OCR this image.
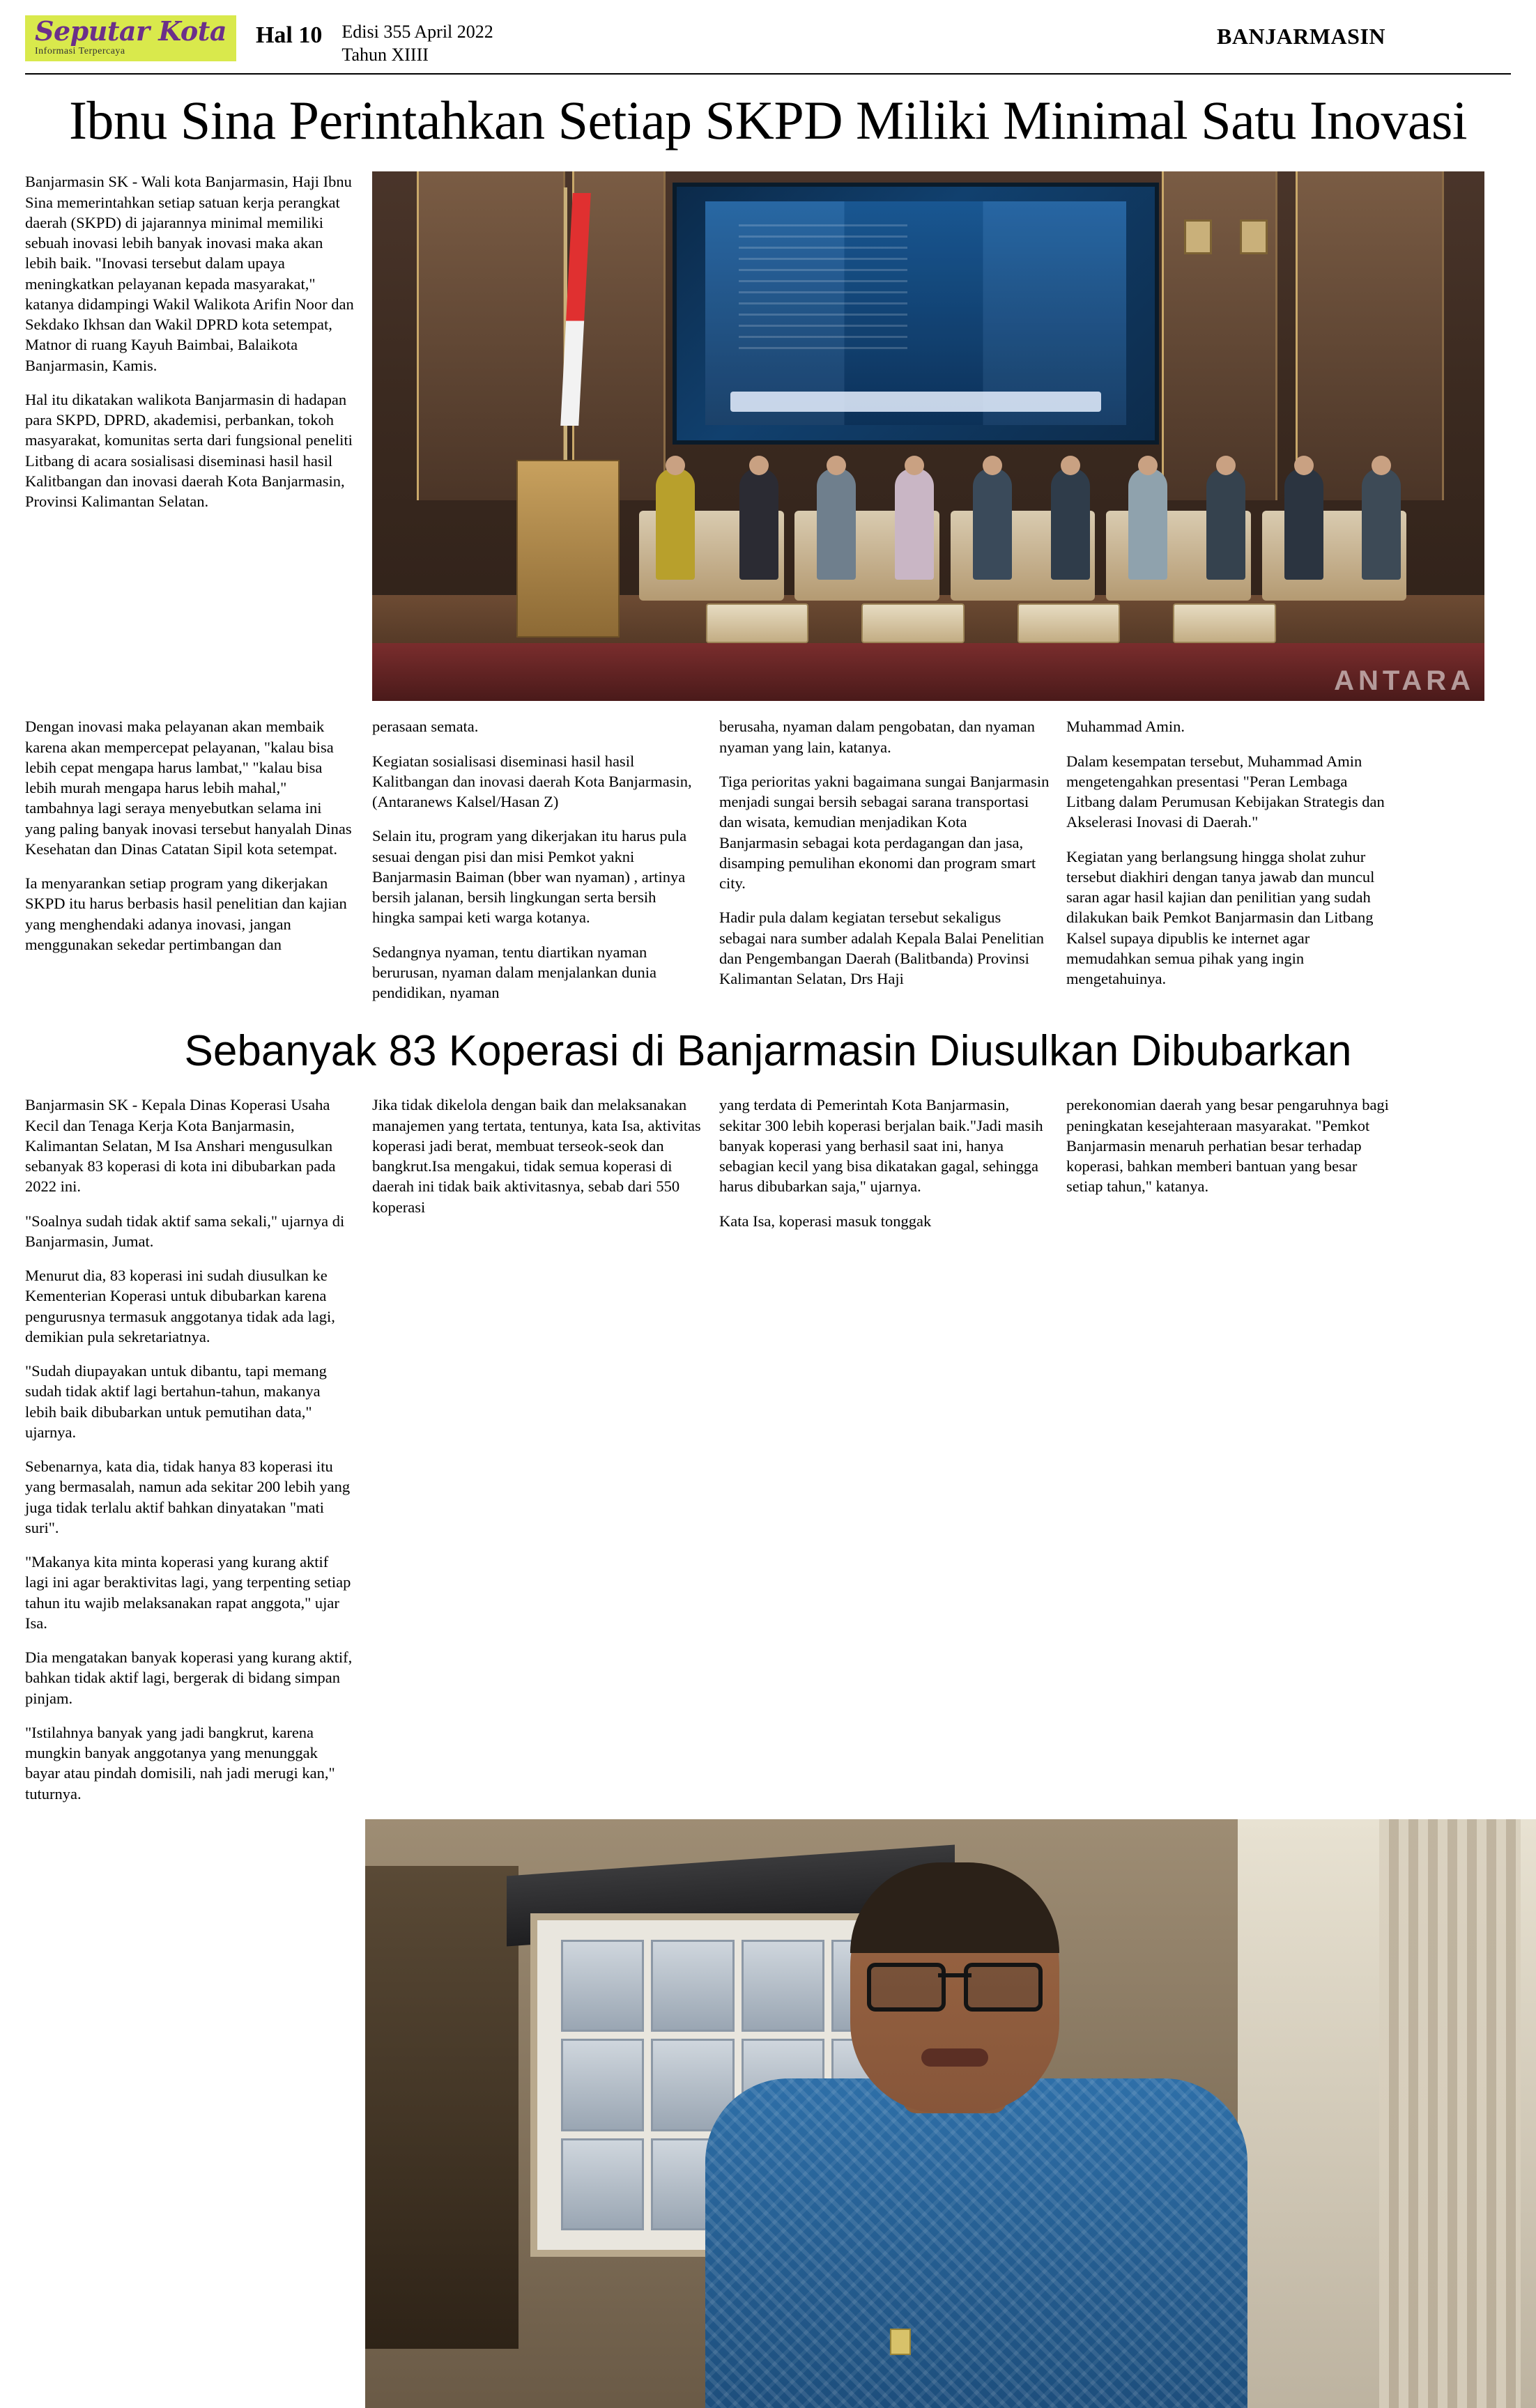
Seputar Kota
Informasi Terpercaya
Hal 10 Edisi 355 April 2022
Tahun XIIII
BANJARMASIN
Ibnu Sina Perintahkan Setiap SKPD Miliki Minimal Satu Inovasi

Banjarmasin SK - Wali kota Banjarmasin, Haji Ibnu Sina memerintahkan setiap satuan kerja perangkat daerah (SKPD) di jajarannya minimal memiliki sebuah inovasi lebih banyak inovasi maka akan lebih baik. "Inovasi tersebut dalam upaya meningkatkan pelayanan kepada masyarakat," katanya didampingi Wakil Walikota Arifin Noor dan Sekdako Ikhsan dan Wakil DPRD kota setempat, Matnor di ruang Kayuh Baimbai, Balaikota Banjarmasin, Kamis.

Hal itu dikatakan walikota Banjarmasin di hadapan para SKPD, DPRD, akademisi, perbankan, tokoh masyarakat, komunitas serta dari fungsional peneliti Litbang di acara sosialisasi diseminasi hasil hasil Kalitbangan dan inovasi daerah Kota Banjarmasin, Provinsi Kalimantan Selatan.

ANTARA

Dengan inovasi maka pelayanan akan membaik karena akan mempercepat pelayanan, "kalau bisa lebih cepat mengapa harus lambat," "kalau bisa lebih murah mengapa harus lebih mahal," tambahnya lagi seraya menyebutkan selama ini yang paling banyak inovasi tersebut hanyalah Dinas Kesehatan dan Dinas Catatan Sipil kota setempat.

Ia menyarankan setiap program yang dikerjakan SKPD itu harus berbasis hasil penelitian dan kajian yang menghendaki adanya inovasi, jangan menggunakan sekedar pertimbangan dan

perasaan semata.

Kegiatan sosialisasi diseminasi hasil hasil Kalitbangan dan inovasi daerah Kota Banjarmasin, (Antaranews Kalsel/Hasan Z)

Selain itu, program yang dikerjakan itu harus pula sesuai dengan pisi dan misi Pemkot yakni Banjarmasin Baiman (bber wan nyaman) , artinya bersih jalanan, bersih lingkungan serta bersih hingka sampai keti warga kotanya.

Sedangnya nyaman, tentu diartikan nyaman berurusan, nyaman dalam menjalankan dunia pendidikan, nyaman

berusaha, nyaman dalam pengobatan, dan nyaman nyaman yang lain, katanya.

Tiga perioritas yakni bagaimana sungai Banjarmasin menjadi sungai bersih sebagai sarana transportasi dan wisata, kemudian menjadikan Kota Banjarmasin sebagai kota perdagangan dan jasa, disamping pemulihan ekonomi dan program smart city.

Hadir pula dalam kegiatan tersebut sekaligus sebagai nara sumber adalah Kepala Balai Penelitian dan Pengembangan Daerah (Balitbanda) Provinsi Kalimantan Selatan, Drs Haji

Muhammad Amin.

Dalam kesempatan tersebut, Muhammad Amin mengetengahkan presentasi "Peran Lembaga Litbang dalam Perumusan Kebijakan Strategis dan Akselerasi Inovasi di Daerah."

Kegiatan yang berlangsung hingga sholat zuhur tersebut diakhiri dengan tanya jawab dan muncul saran agar hasil kajian dan penilitian yang sudah dilakukan baik Pemkot Banjarmasin dan Litbang Kalsel supaya dipublis ke internet agar memudahkan semua pihak yang ingin mengetahuinya.

Sebanyak 83 Koperasi di Banjarmasin Diusulkan Dibubarkan

Banjarmasin SK - Kepala Dinas Koperasi Usaha Kecil dan Tenaga Kerja Kota Banjarmasin, Kalimantan Selatan, M Isa Anshari mengusulkan sebanyak 83 koperasi di kota ini dibubarkan pada 2022 ini.

"Soalnya sudah tidak aktif sama sekali," ujarnya di Banjarmasin, Jumat.

Menurut dia, 83 koperasi ini sudah diusulkan ke Kementerian Koperasi untuk dibubarkan karena pengurusnya termasuk anggotanya tidak ada lagi, demikian pula sekretariatnya.

"Sudah diupayakan untuk dibantu, tapi memang sudah tidak aktif lagi bertahun-tahun, makanya lebih baik dibubarkan untuk pemutihan data," ujarnya.

Sebenarnya, kata dia, tidak hanya 83 koperasi itu yang bermasalah, namun ada sekitar 200 lebih yang juga tidak terlalu aktif bahkan dinyatakan "mati suri".

"Makanya kita minta koperasi yang kurang aktif lagi ini agar beraktivitas lagi, yang terpenting setiap tahun itu wajib melaksanakan rapat anggota," ujar Isa.

Dia mengatakan banyak koperasi yang kurang aktif, bahkan tidak aktif lagi, bergerak di bidang simpan pinjam.

"Istilahnya banyak yang jadi bangkrut, karena mungkin banyak anggotanya yang menunggak bayar atau pindah domisili, nah jadi merugi kan," tuturnya.

Jika tidak dikelola dengan baik dan melaksanakan manajemen yang tertata, tentunya, kata Isa, aktivitas koperasi jadi berat, membuat terseok-seok dan bangkrut.Isa mengakui, tidak semua koperasi di daerah ini tidak baik aktivitasnya, sebab dari 550 koperasi

yang terdata di Pemerintah Kota Banjarmasin, sekitar 300 lebih koperasi berjalan baik."Jadi masih banyak koperasi yang berhasil saat ini, hanya sebagian kecil yang bisa dikatakan gagal, sehingga harus dibubarkan saja," ujarnya.

Kata Isa, koperasi masuk tonggak

perekonomian daerah yang besar pengaruhnya bagi peningkatan kesejahteraan masyarakat. "Pemkot Banjarmasin menaruh perhatian besar terhadap koperasi, bahkan memberi bantuan yang besar setiap tahun," katanya.
